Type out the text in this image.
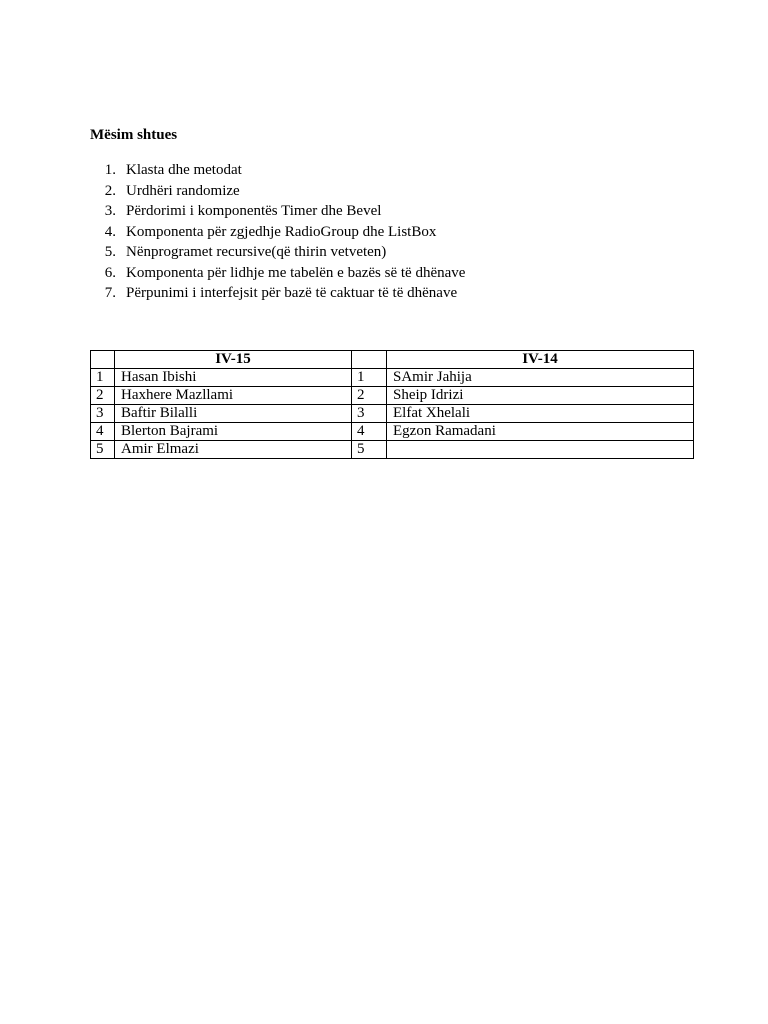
Mësim shtues

1. Klasta dhe metodat
2. Urdhëri randomize
3. Përdorimi i komponentës Timer dhe Bevel
4. Komponenta për zgjedhje RadioGroup dhe ListBox
5. Nënprogramet recursive(që thirin vetveten)
6. Komponenta për lidhje me tabelën e bazës së të dhënave
7. Përpunimi i interfejsit për bazë të caktuar të të dhënave
	IV-15		IV-14
1	Hasan Ibishi	1	SAmir Jahija
2	Haxhere Mazllami	2	Sheip Idrizi
3	Baftir Bilalli	3	Elfat Xhelali
4	Blerton Bajrami	4	Egzon Ramadani
5	Amir Elmazi	5	
